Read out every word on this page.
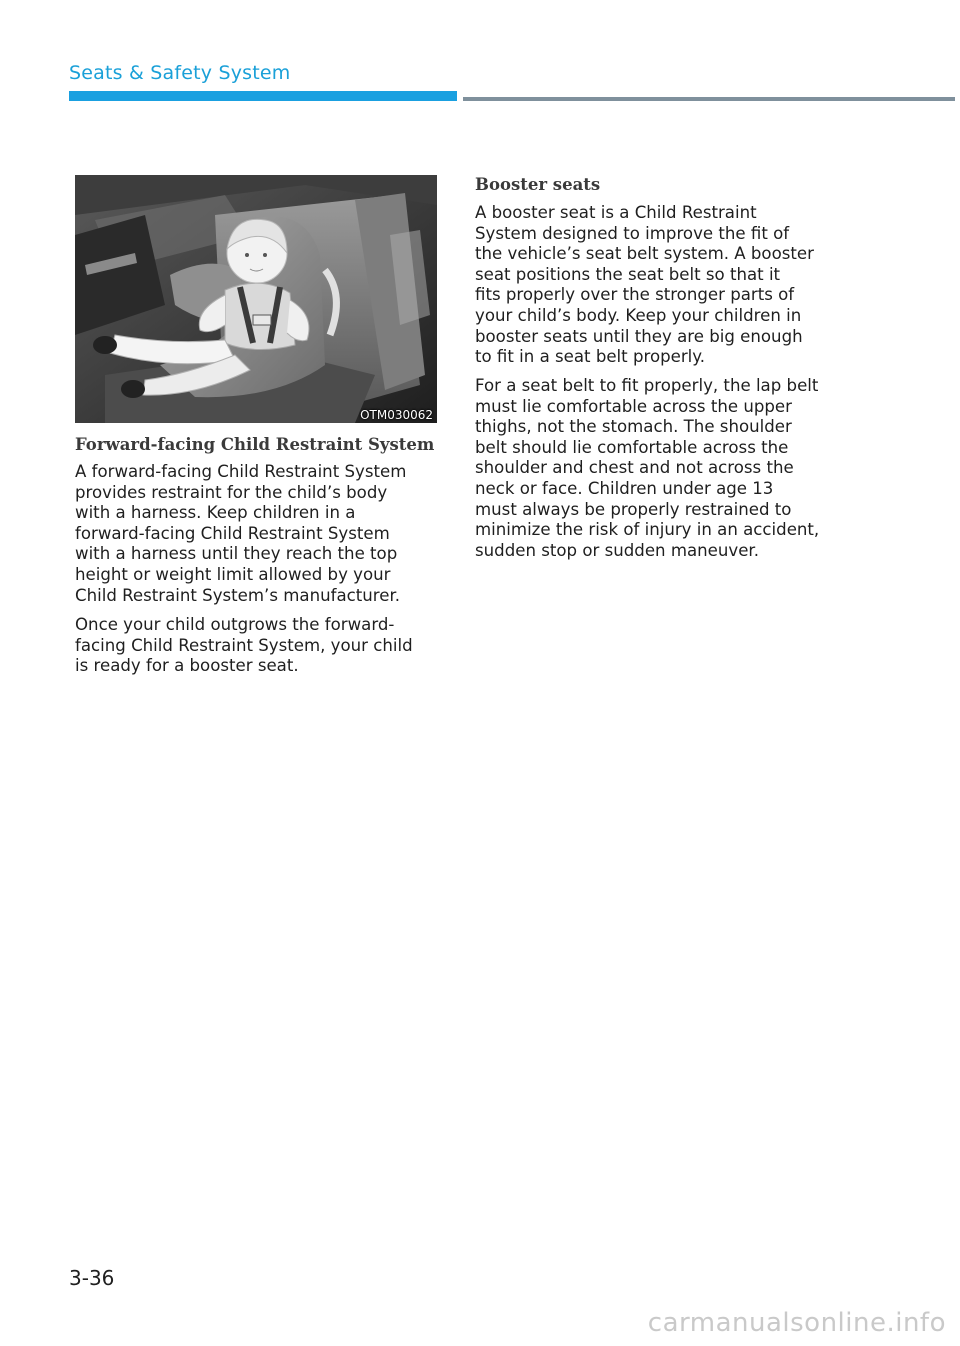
Seats & Safety System
OTM030062
Forward-facing Child Restraint System

A forward-facing Child Restraint System
provides restraint for the child’s body
with a harness. Keep children in a
forward-facing Child Restraint System
with a harness until they reach the top
height or weight limit allowed by your
Child Restraint System’s manufacturer.

Once your child outgrows the forward-
facing Child Restraint System, your child
is ready for a booster seat.

Booster seats

A booster seat is a Child Restraint
System designed to improve the fit of
the vehicle’s seat belt system. A booster
seat positions the seat belt so that it
fits properly over the stronger parts of
your child’s body. Keep your children in
booster seats until they are big enough
to fit in a seat belt properly.

For a seat belt to fit properly, the lap belt
must lie comfortable across the upper
thighs, not the stomach. The shoulder
belt should lie comfortable across the
shoulder and chest and not across the
neck or face. Children under age 13
must always be properly restrained to
minimize the risk of injury in an accident,
sudden stop or sudden maneuver.

3-36
carmanualsonline.info
